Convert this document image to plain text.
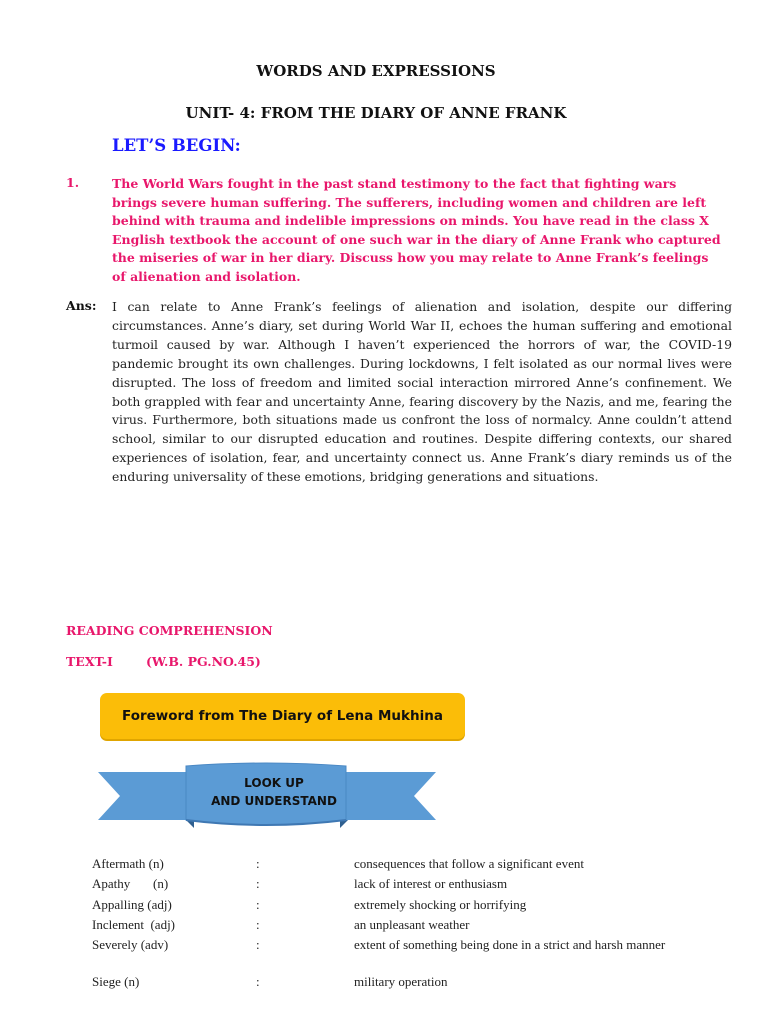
WORDS AND EXPRESSIONS
UNIT- 4: FROM THE DIARY OF ANNE FRANK
LET’S BEGIN:
1.	The World Wars fought in the past stand testimony to the fact that fighting wars brings severe human suffering. The sufferers, including women and children are left behind with trauma and indelible impressions on minds. You have read in the class X English textbook the account of one such war in the diary of Anne Frank who captured the miseries of war in her diary. Discuss how you may relate to Anne Frank’s feelings of alienation and isolation.
Ans: I can relate to Anne Frank’s feelings of alienation and isolation, despite our differing circumstances. Anne’s diary, set during World War II, echoes the human suffering and emotional turmoil caused by war. Although I haven’t experienced the horrors of war, the COVID-19 pandemic brought its own challenges. During lockdowns, I felt isolated as our normal lives were disrupted. The loss of freedom and limited social interaction mirrored Anne’s confinement. We both grappled with fear and uncertainty Anne, fearing discovery by the Nazis, and me, fearing the virus. Furthermore, both situations made us confront the loss of normalcy. Anne couldn’t attend school, similar to our disrupted education and routines. Despite differing contexts, our shared experiences of isolation, fear, and uncertainty connect us. Anne Frank’s diary reminds us of the enduring universality of these emotions, bridging generations and situations.
READING COMPREHENSION
TEXT-I	(W.B. PG.NO.45)
Foreword from The Diary of Lena Mukhina
LOOK UP
AND UNDERSTAND
Aftermath (n)	:	consequences that follow a significant event
Apathy       (n)	:	lack of interest or enthusiasm
Appalling (adj)	:	extremely shocking or horrifying
Inclement  (adj)	:	an unpleasant weather
Severely (adv)	:	extent of something being done in a strict and harsh manner
Siege (n)	:	military operation
